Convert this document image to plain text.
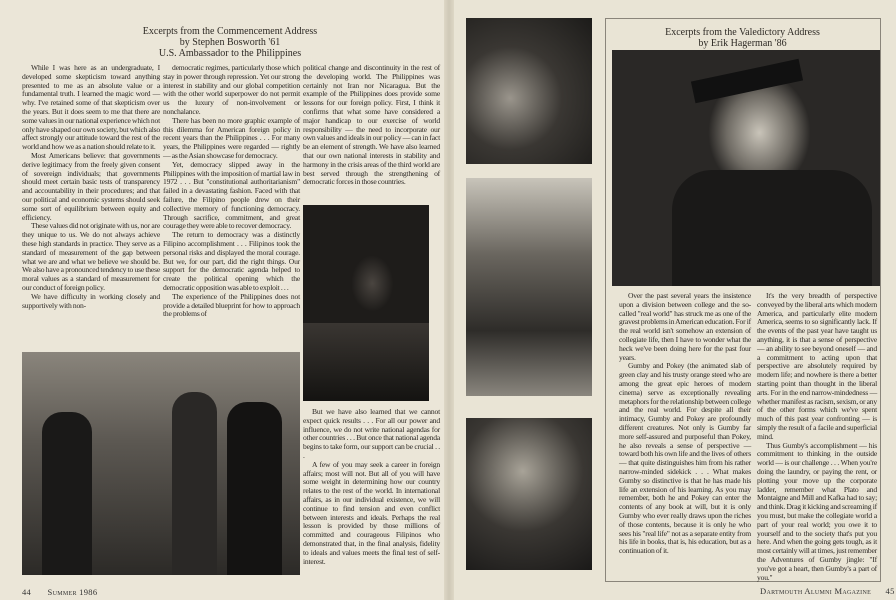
Excerpts from the Commencement Address
by Stephen Bosworth '61
U.S. Ambassador to the Philippines

While I was here as an undergraduate, I developed some skepticism toward anything presented to me as an absolute value or a fundamental truth. I learned the magic word — why. I've retained some of that skepticism over the years. But it does seem to me that there are some values in our national experience which not only have shaped our own society, but which also affect strongly our attitude toward the rest of the world and how we as a nation should relate to it.

Most Americans believe: that governments derive legitimacy from the freely given consent of sovereign individuals; that governments should meet certain basic tests of transparency and accountability in their procedures; and that our political and economic systems should seek some sort of equilibrium between equity and efficiency.

These values did not originate with us, nor are they unique to us. We do not always achieve these high standards in practice. They serve as a standard of measurement of the gap between what we are and what we believe we should be. We also have a pronounced tendency to use these moral values as a standard of measurement for our conduct of foreign policy.

We have difficulty in working closely and supportively with non-

democratic regimes, particularly those which stay in power through repression. Yet our strong interest in stability and our global competition with the other world superpower do not permit us the luxury of non-involvement or nonchalance.

There has been no more graphic example of this dilemma for American foreign policy in recent years than the Philippines . . . For many years, the Philippines were regarded — rightly — as the Asian showcase for democracy.

Yet, democracy slipped away in the Philippines with the imposition of martial law in 1972 . . . But "constitutional authoritarianism" failed in a devastating fashion. Faced with that failure, the Filipino people drew on their collective memory of functioning democracy. Through sacrifice, commitment, and great courage they were able to recover democracy.

The return to democracy was a distinctly Filipino accomplishment . . . Filipinos took the personal risks and displayed the moral courage. But we, for our part, did the right things. Our support for the democratic agenda helped to create the political opening which the democratic opposition was able to exploit . . .

The experience of the Philippines does not provide a detailed blueprint for how to approach the problems of

political change and discontinuity in the rest of the developing world. The Philippines was certainly not Iran nor Nicaragua. But the example of the Philippines does provide some lessons for our foreign policy. First, I think it confirms that what some have considered a major handicap to our exercise of world responsibility — the need to incorporate our own values and ideals in our policy — can in fact be an element of strength. We have also learned that our own national interests in stability and harmony in the crisis areas of the third world are best served through the strengthening of democratic forces in those countries.

But we have also learned that we cannot expect quick results . . . For all our power and influence, we do not write national agendas for other countries . . . But once that national agenda begins to take form, our support can be crucial . . .

A few of you may seek a career in foreign affairs; most will not. But all of you will have some weight in determining how our country relates to the rest of the world. In international affairs, as in our individual existence, we will continue to find tension and even conflict between interests and ideals. Perhaps the real lesson is provided by those millions of committed and courageous Filipinos who demonstrated that, in the final analysis, fidelity to ideals and values meets the final test of self-interest.

44 Summer 1986
Excerpts from the Valedictory Address
by Erik Hagerman '86

Over the past several years the insistence upon a division between college and the so-called "real world" has struck me as one of the gravest problems in American education. For if the real world isn't somehow an extension of collegiate life, then I have to wonder what the heck we've been doing here for the past four years.

Gumby and Pokey (the animated slab of green clay and his trusty orange steed who are among the great epic heroes of modern cinema) serve as exceptionally revealing metaphors for the relationship between college and the real world. For despite all their intimacy, Gumby and Pokey are profoundly different creatures. Not only is Gumby far more self-assured and purposeful than Pokey, he also reveals a sense of perspective — toward both his own life and the lives of others — that quite distinguishes him from his rather narrow-minded sidekick . . . What makes Gumby so distinctive is that he has made his life an extension of his learning. As you may remember, both he and Pokey can enter the contents of any book at will, but it is only Gumby who ever really draws upon the riches of those contents, because it is only he who sees his "real life" not as a separate entity from his life in books, that is, his education, but as a continuation of it.

It's the very breadth of perspective conveyed by the liberal arts which modern America, and particularly elite modern America, seems to so significantly lack. If the events of the past year have taught us anything, it is that a sense of perspective — an ability to see beyond oneself — and a commitment to acting upon that perspective are absolutely required by modern life; and nowhere is there a better starting point than thought in the liberal arts. For in the end narrow-mindedness — whether manifest as racism, sexism, or any of the other forms which we've spent much of this past year confronting — is simply the result of a facile and superficial mind.

Thus Gumby's accomplishment — his commitment to thinking in the outside world — is our challenge . . . When you're doing the laundry, or paying the rent, or plotting your move up the corporate ladder, remember what Plato and Montaigne and Mill and Kafka had to say; and think. Drag it kicking and screaming if you must, but make the collegiate world a part of your real world; you owe it to yourself and to the society that's put you here. And when the going gets tough, as it most certainly will at times, just remember the Adventures of Gumby jingle: "If you've got a heart, then Gumby's a part of you."

Dartmouth Alumni Magazine 45
